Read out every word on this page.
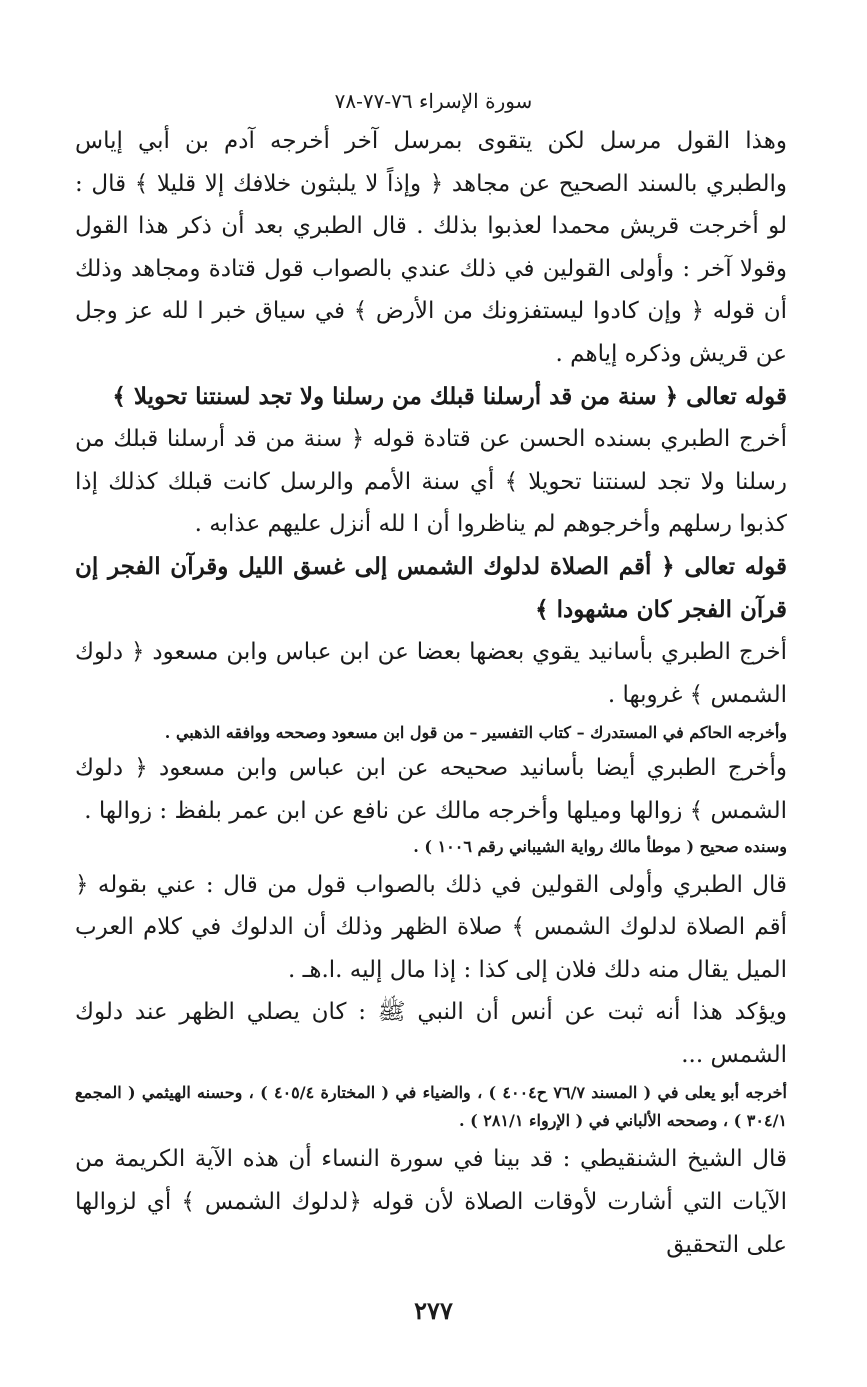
سورة الإسراء ٧٦-٧٧-٧٨

وهذا القول مرسل لكن يتقوى بمرسل آخر أخرجه آدم بن أبي إياس والطبري بالسند الصحيح عن مجاهد ﴿ وإذاً لا يلبثون خلافك إلا قليلا ﴾ قال : لو أخرجت قريش محمدا لعذبوا بذلك . قال الطبري بعد أن ذكر هذا القول وقولا آخر : وأولى القولين في ذلك عندي بالصواب قول قتادة ومجاهد وذلك أن قوله ﴿ وإن كادوا ليستفزونك من الأرض ﴾ في سياق خبر ا لله عز وجل عن قريش وذكره إياهم .

قوله تعالى ﴿ سنة من قد أرسلنا قبلك من رسلنا ولا تجد لسنتنا تحويلا ﴾

أخرج الطبري بسنده الحسن عن قتادة قوله ﴿ سنة من قد أرسلنا قبلك من رسلنا ولا تجد لسنتنا تحويلا ﴾ أي سنة الأمم والرسل كانت قبلك كذلك إذا كذبوا رسلهم وأخرجوهم لم يناظروا أن ا لله أنزل عليهم عذابه .

قوله تعالى ﴿ أقم الصلاة لدلوك الشمس إلى غسق الليل وقرآن الفجر إن قرآن الفجر كان مشهودا ﴾

أخرج الطبري بأسانيد يقوي بعضها بعضا عن ابن عباس وابن مسعود ﴿ دلوك الشمس ﴾ غروبها .

وأخرجه الحاكم في المستدرك – كتاب التفسير – من قول ابن مسعود وصححه ووافقه الذهبي .

وأخرج الطبري أيضا بأسانيد صحيحه عن ابن عباس وابن مسعود ﴿ دلوك الشمس ﴾ زوالها وميلها وأخرجه مالك عن نافع عن ابن عمر بلفظ : زوالها .

وسنده صحيح ( موطأ مالك رواية الشيباني رقم ١٠٠٦ ) .

قال الطبري وأولى القولين في ذلك بالصواب قول من قال : عني بقوله ﴿ أقم الصلاة لدلوك الشمس ﴾ صلاة الظهر وذلك أن الدلوك في كلام العرب الميل يقال منه دلك فلان إلى كذا : إذا مال إليه .ا.هـ .

ويؤكد هذا أنه ثبت عن أنس أن النبي ﷺ : كان يصلي الظهر عند دلوك الشمس ...

أخرجه أبو يعلى في ( المسند ٧٦/٧ ح٤٠٠٤ ) ، والضياء في ( المختارة ٤٠٥/٤ ) ، وحسنه الهيثمي ( المجمع ٣٠٤/١ ) ، وصححه الألباني في ( الإرواء ٢٨١/١ ) .

قال الشيخ الشنقيطي : قد بينا في سورة النساء أن هذه الآية الكريمة من الآيات التي أشارت لأوقات الصلاة لأن قوله ﴿لدلوك الشمس ﴾ أي لزوالها على التحقيق

٢٧٧
